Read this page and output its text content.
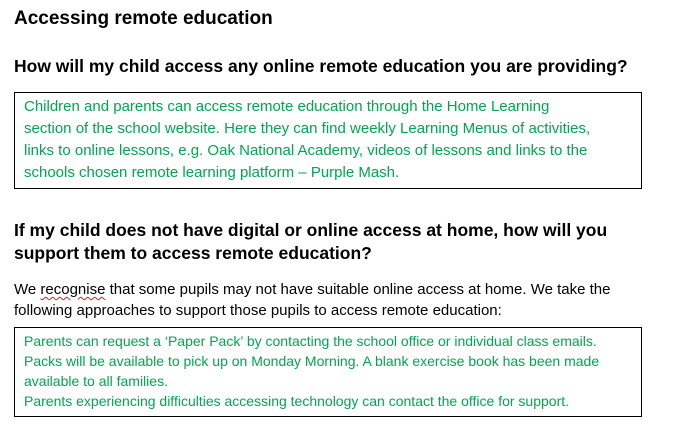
Accessing remote education
How will my child access any online remote education you are providing?
Children and parents can access remote education through the Home Learning
section of the school website. Here they can find weekly Learning Menus of activities,
links to online lessons, e.g. Oak National Academy, videos of lessons and links to the
schools chosen remote learning platform – Purple Mash.
If my child does not have digital or online access at home, how will you
support them to access remote education?

We recognise that some pupils may not have suitable online access at home. We take the
following approaches to support those pupils to access remote education:

Parents can request a ‘Paper Pack’ by contacting the school office or individual class emails.
Packs will be available to pick up on Monday Morning. A blank exercise book has been made
available to all families.
Parents experiencing difficulties accessing technology can contact the office for support.
